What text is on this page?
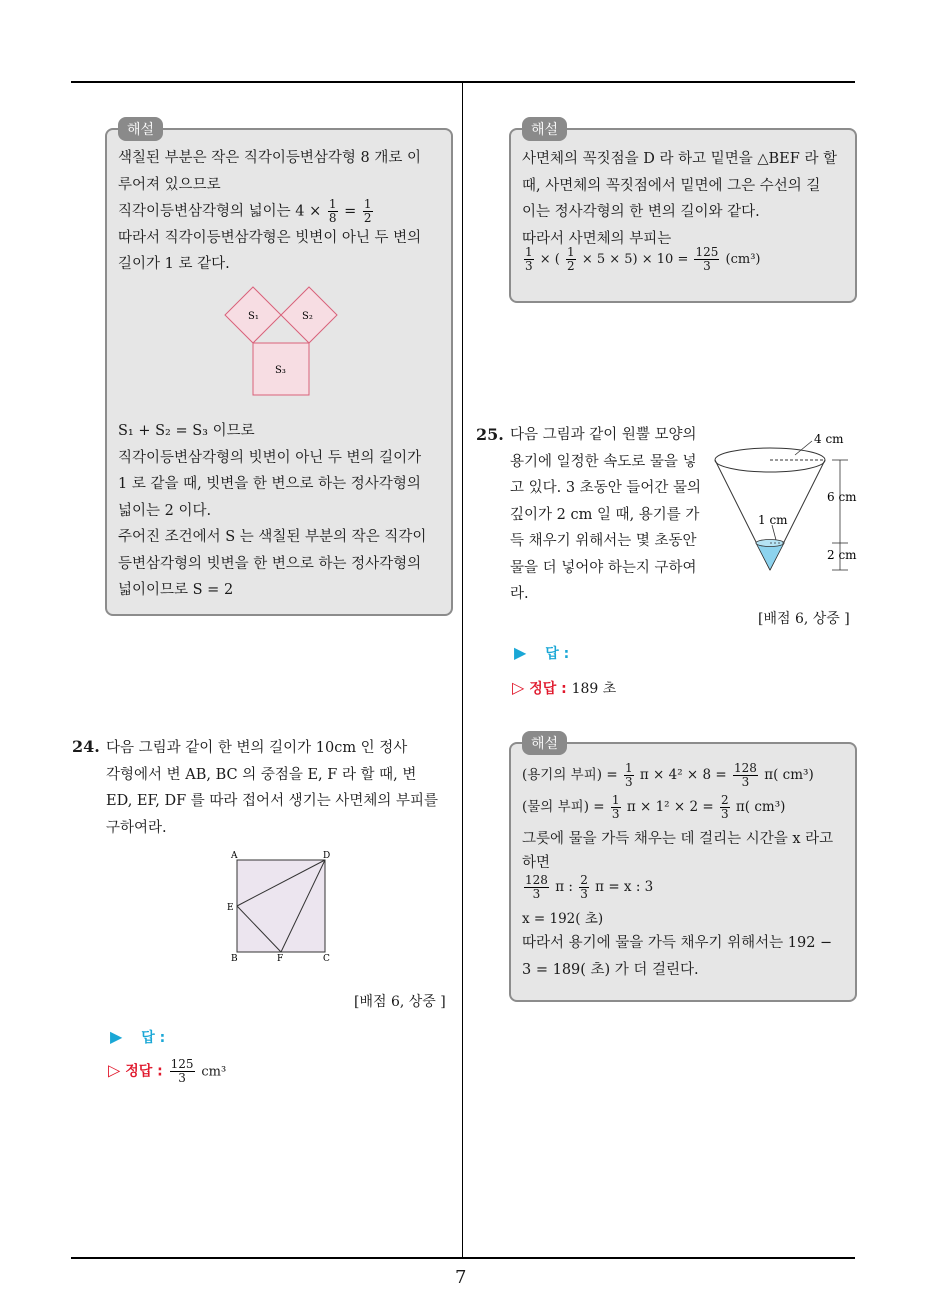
7
해설
색칠된 부분은 작은 직각이등변삼각형 8 개로 이
루어져 있으므로
직각이등변삼각형의 넓이는 $4 \times \frac{1}{8} = \frac{1}{2}$
따라서 직각이등변삼각형은 빗변이 아닌 두 변의
길이가 1 로 같다.
S₁	S₂
S₃
S₁ + S₂ = S₃ 이므로
직각이등변삼각형의 빗변이 아닌 두 변의 길이가
1 로 같을 때, 빗변을 한 변으로 하는 정사각형의
넓이는 2 이다.
주어진 조건에서 S 는 색칠된 부분의 작은 직각이
등변삼각형의 빗변을 한 변으로 하는 정사각형의
넓이이므로 S = 2
24. 다음 그림과 같이 한 변의 길이가 10cm 인 정사
각형에서 변 AB, BC 의 중점을 E, F 라 할 때, 변
ED, EF, DF 를 따라 접어서 생기는 사면체의 부피를
구하여라.
A	D
E
B	F	C
[배점 6, 상중 ]
▶ 답 :
▷ 정답 : $\frac{125}{3} cm^3$
해설
사면체의 꼭짓점을 D 라 하고 밑면을 △BEF 라 할
때, 사면체의 꼭짓점에서 밑면에 그은 수선의 길
이는 정사각형의 한 변의 길이와 같다.
따라서 사면체의 부피는
$\frac{1}{3}$ × ( $\frac{1}{2} \times 5 \times 5) \times 10 = \frac{125}{3} (cm^3)$
25. 다음 그림과 같이 원뿔 모양의
용기에 일정한 속도로 물을 넣
고 있다. 3 초동안 들어간 물의
깊이가 2 cm 일 때, 용기를 가
득 채우기 위해서는 몇 초동안
물을 더 넣어야 하는지 구하여
라.
4 cm
6 cm
1 cm
2 cm
[배점 6, 상중 ]
▶ 답 :
▷ 정답 : 189 초
해설
(용기의 부피) = $\frac{1}{3}$ $\pi \times 4^2 \times 8 = \frac{128}{3} \pi$( cm³)
(물의 부피) = $\frac{1}{3}$ $\pi \times 1^2 \times 2 = \frac{2}{3} \pi$( cm³)
그릇에 물을 가득 채우는 데 걸리는 시간을 x 라고
하면
$\frac{128}{3}$ π : $\frac{2}{3}$ π = x : 3
x = 192( 초)
따라서 용기에 물을 가득 채우기 위해서는 192 −
3 = 189( 초) 가 더 걸린다.
